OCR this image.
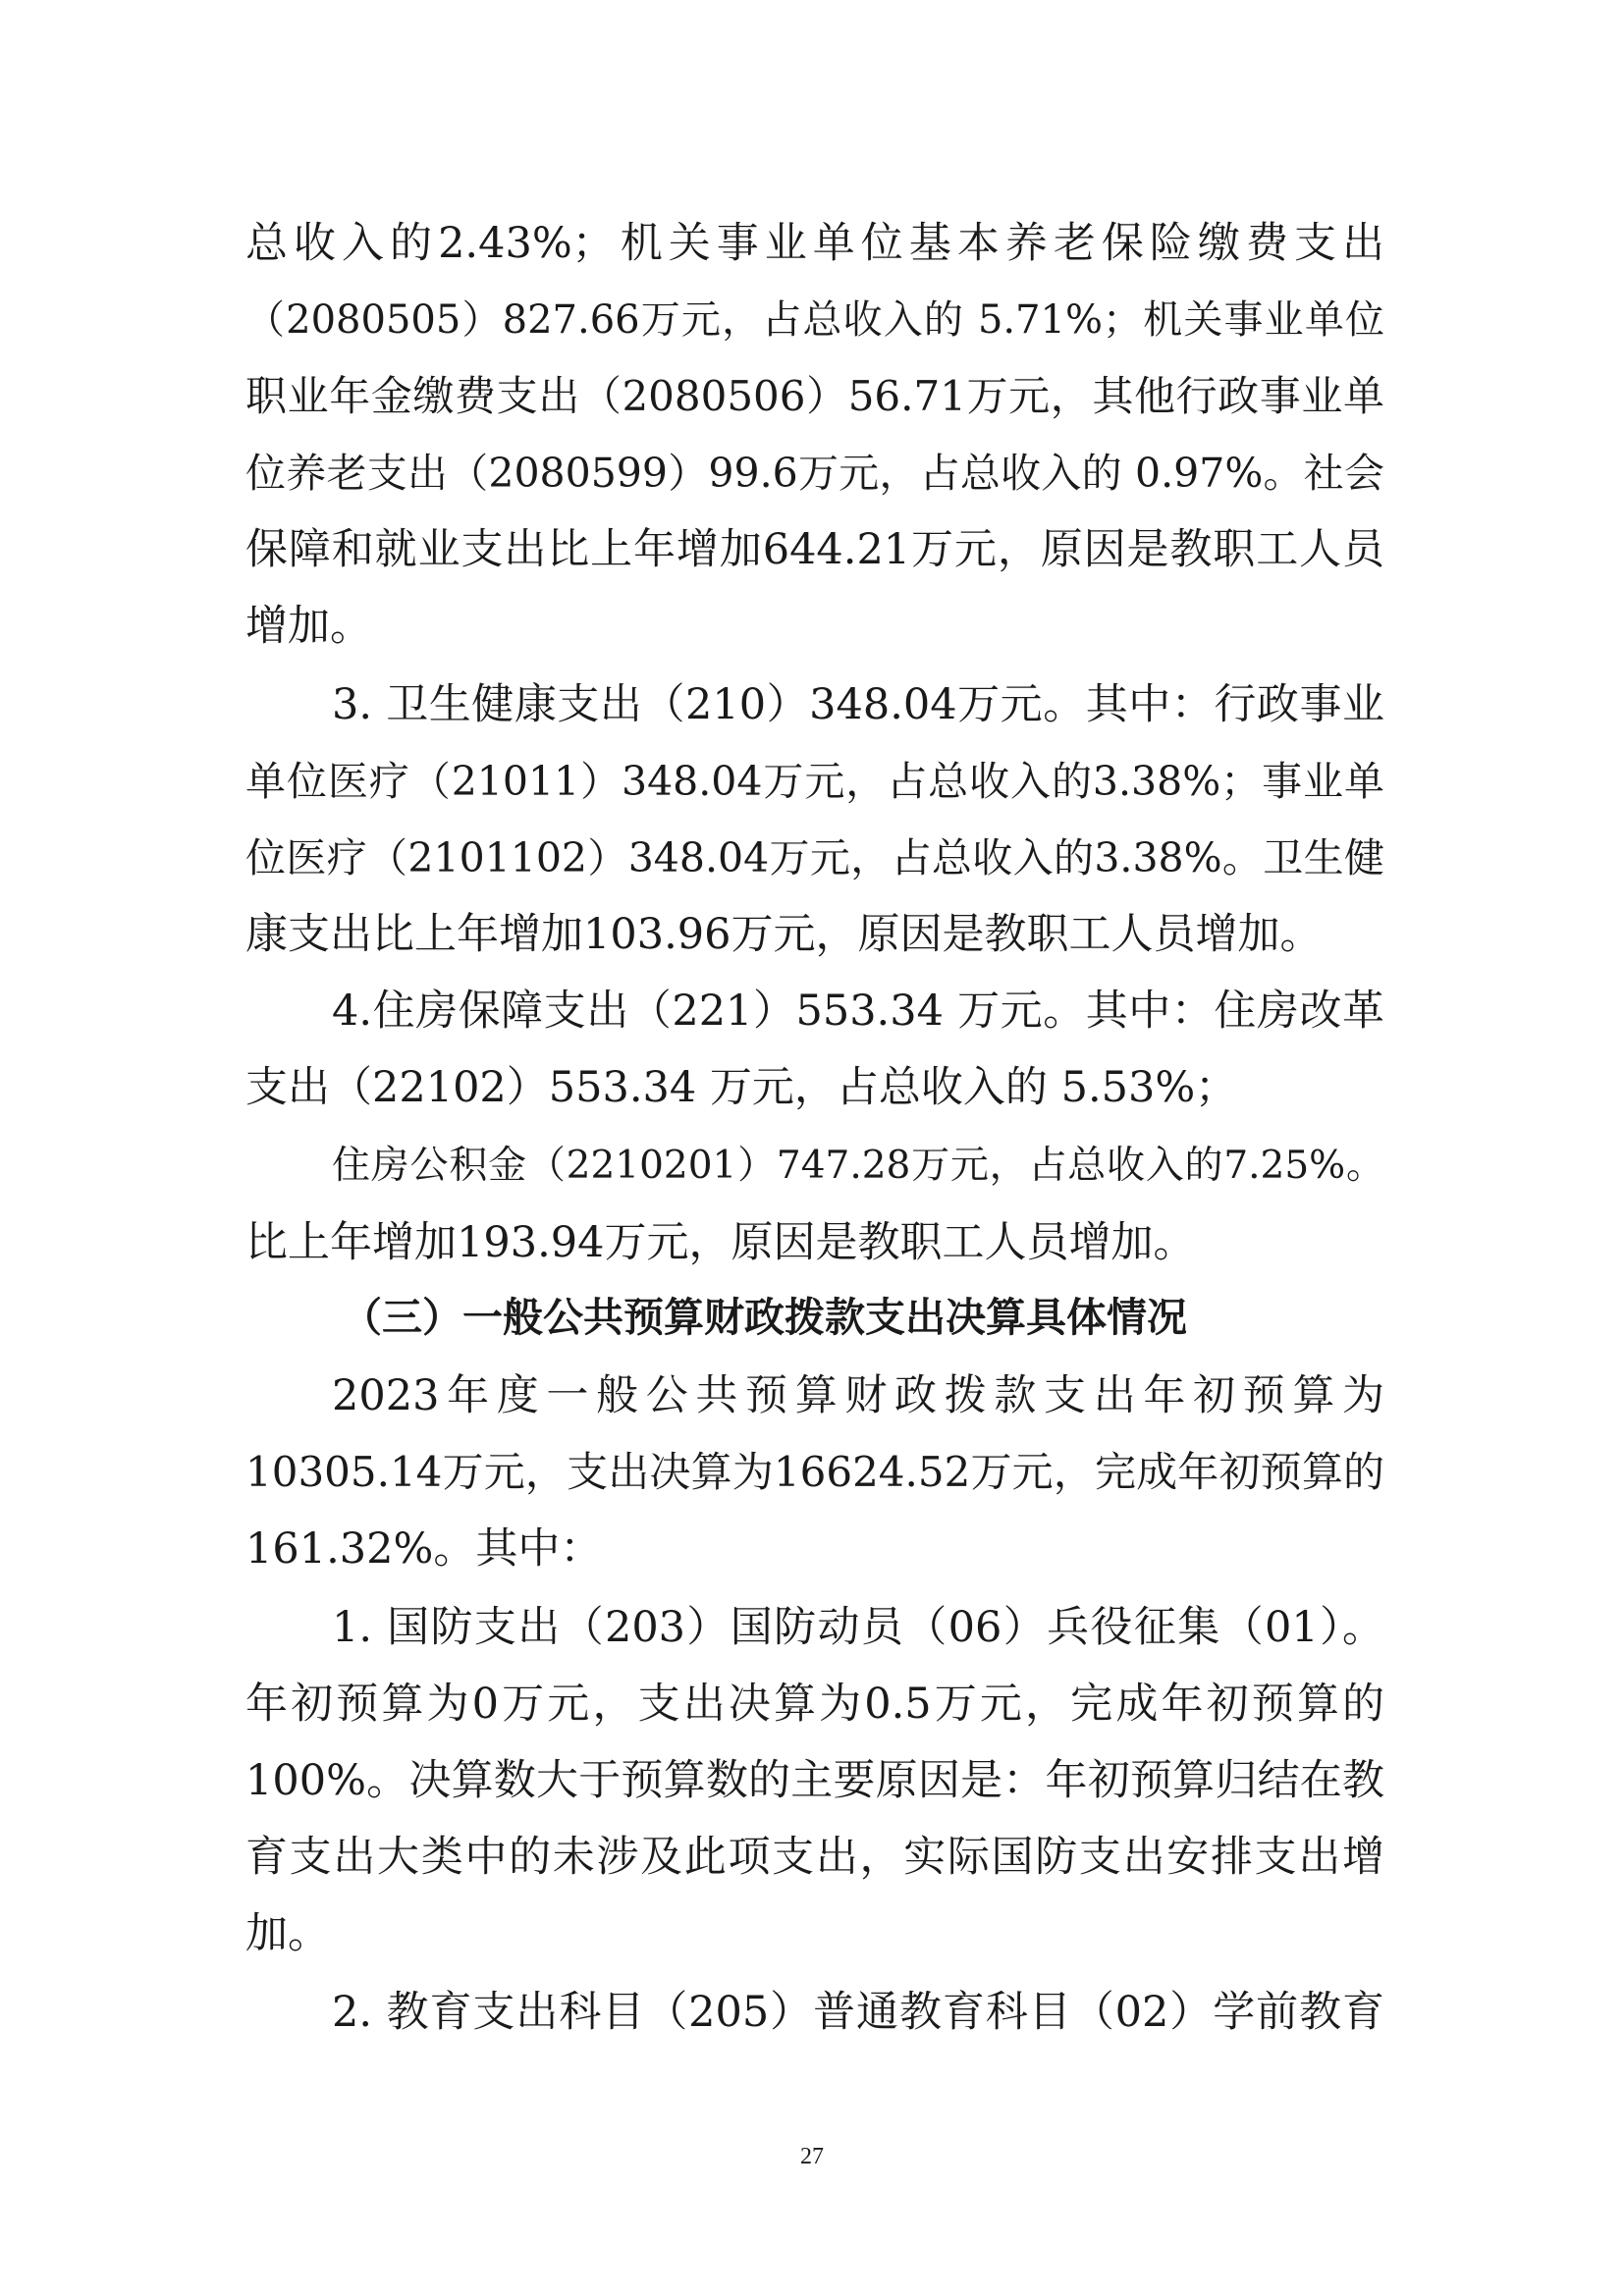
总收入的2.43%；机关事业单位基本养老保险缴费支出
（2080505）827.66万元，占总收入的 5.71%；机关事业单位
职业年金缴费支出（2080506）56.71万元，其他行政事业单
位养老支出（2080599）99.6万元，占总收入的 0.97%。社会
保障和就业支出比上年增加644.21万元，原因是教职工人员
增加。
3. 卫生健康支出（210）348.04万元。其中：行政事业
单位医疗（21011）348.04万元，占总收入的3.38%；事业单
位医疗（2101102）348.04万元，占总收入的3.38%。卫生健
康支出比上年增加103.96万元，原因是教职工人员增加。
4.住房保障支出（221）553.34 万元。其中：住房改革
支出（22102）553.34 万元，占总收入的 5.53%；
住房公积金（2210201）747.28万元，占总收入的7.25%。
比上年增加193.94万元，原因是教职工人员增加。
（三）一般公共预算财政拨款支出决算具体情况
2023年度一般公共预算财政拨款支出年初预算为
10305.14万元，支出决算为16624.52万元，完成年初预算的
161.32%。其中：
1. 国防支出（203）国防动员（06）兵役征集（01）。
年初预算为0万元，支出决算为0.5万元，完成年初预算的
100%。决算数大于预算数的主要原因是：年初预算归结在教
育支出大类中的未涉及此项支出，实际国防支出安排支出增
加。
2. 教育支出科目（205）普通教育科目（02）学前教育
27
